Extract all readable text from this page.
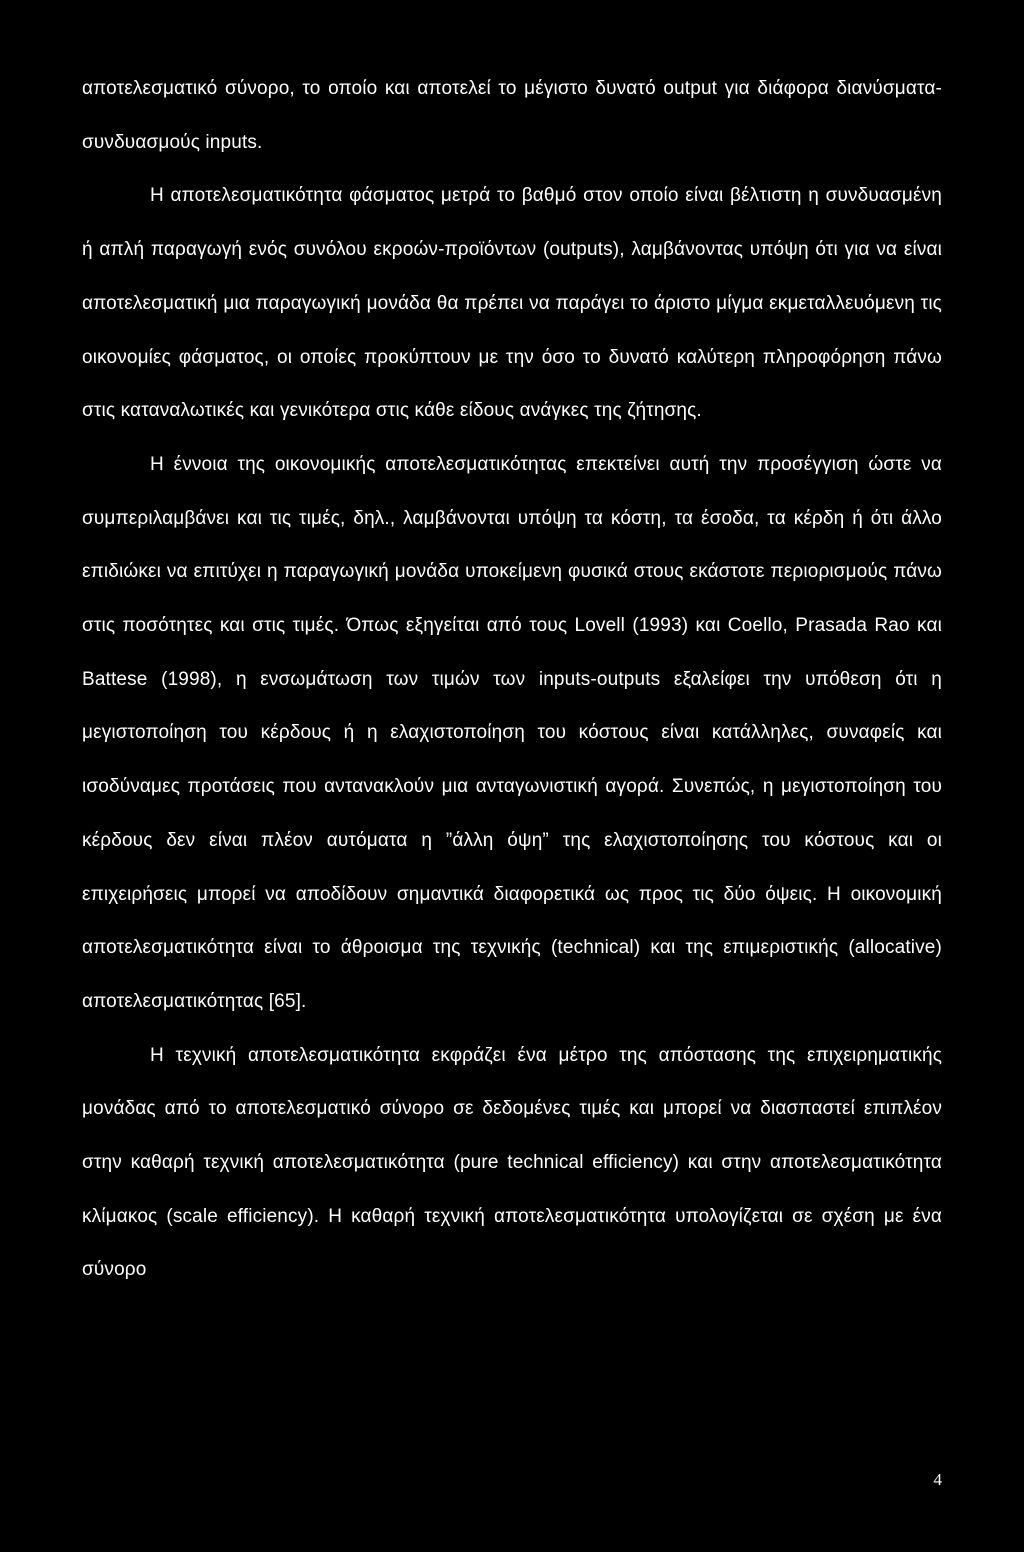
αποτελεσματικό σύνορο, το οποίο και αποτελεί το μέγιστο δυνατό output για διάφορα διανύσματα-συνδυασμούς inputs.

Η αποτελεσματικότητα φάσματος μετρά το βαθμό στον οποίο είναι βέλτιστη η συνδυασμένη ή απλή παραγωγή ενός συνόλου εκροών-προϊόντων (outputs), λαμβάνοντας υπόψη ότι για να είναι αποτελεσματική μια παραγωγική μονάδα θα πρέπει να παράγει το άριστο μίγμα εκμεταλλευόμενη τις οικονομίες φάσματος, οι οποίες προκύπτουν με την όσο το δυνατό καλύτερη πληροφόρηση πάνω στις καταναλωτικές και γενικότερα στις κάθε είδους ανάγκες της ζήτησης.

Η έννοια της οικονομικής αποτελεσματικότητας επεκτείνει αυτή την προσέγγιση ώστε να συμπεριλαμβάνει και τις τιμές, δηλ., λαμβάνονται υπόψη τα κόστη, τα έσοδα, τα κέρδη ή ότι άλλο επιδιώκει να επιτύχει η παραγωγική μονάδα υποκείμενη φυσικά στους εκάστοτε περιορισμούς πάνω στις ποσότητες και στις τιμές. Όπως εξηγείται από τους Lovell (1993) και Coello, Prasada Rao και Battese (1998), η ενσωμάτωση των τιμών των inputs-outputs εξαλείφει την υπόθεση ότι η μεγιστοποίηση του κέρδους ή η ελαχιστοποίηση του κόστους είναι κατάλληλες, συναφείς και ισοδύναμες προτάσεις που αντανακλούν μια ανταγωνιστική αγορά. Συνεπώς, η μεγιστοποίηση του κέρδους δεν είναι πλέον αυτόματα η ”άλλη όψη” της ελαχιστοποίησης του κόστους και οι επιχειρήσεις μπορεί να αποδίδουν σημαντικά διαφορετικά ως προς τις δύο όψεις. Η οικονομική αποτελεσματικότητα είναι το άθροισμα της τεχνικής (technical) και της επιμεριστικής (allocative) αποτελεσματικότητας [65].

Η τεχνική αποτελεσματικότητα εκφράζει ένα μέτρο της απόστασης της επιχειρηματικής μονάδας από το αποτελεσματικό σύνορο σε δεδομένες τιμές και μπορεί να διασπαστεί επιπλέον στην καθαρή τεχνική αποτελεσματικότητα (pure technical efficiency) και στην αποτελεσματικότητα κλίμακος (scale efficiency). Η καθαρή τεχνική αποτελεσματικότητα υπολογίζεται σε σχέση με ένα σύνορο

4
